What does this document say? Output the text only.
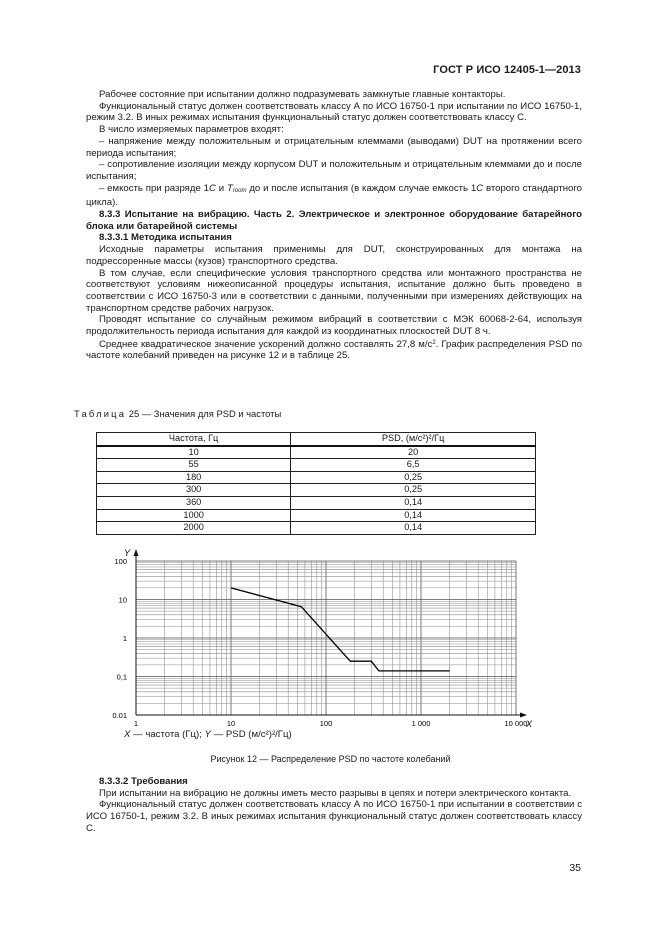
ГОСТ Р ИСО 12405-1—2013

Рабочее состояние при испытании должно подразумевать замкнутые главные контакторы.

Функциональный статус должен соответствовать классу А по ИСО 16750-1 при испытании по ИСО 16750-1, режим 3.2. В иных режимах испытания функциональный статус должен соответствовать классу С.

В число измеряемых параметров входят:

– напряжение между положительным и отрицательным клеммами (выводами) DUT на протяжении всего периода испытания;

– сопротивление изоляции между корпусом DUT и положительным и отрицательным клеммами до и после испытания;

– емкость при разряде 1C и Troom до и после испытания (в каждом случае емкость 1C второго стандартного цикла).

8.3.3 Испытание на вибрацию. Часть 2. Электрическое и электронное оборудование батарейного блока или батарейной системы

8.3.3.1 Методика испытания

Исходные параметры испытания применимы для DUT, сконструированных для монтажа на подрессоренные массы (кузов) транспортного средства.

В том случае, если специфические условия транспортного средства или монтажного пространства не соответствуют условиям нижеописанной процедуры испытания, испытание должно быть проведено в соответствии с ИСО 16750-3 или в соответствии с данными, полученными при измерениях действующих на транспортном средстве рабочих нагрузок.

Проводят испытание со случайным режимом вибраций в соответствии с МЭК 60068-2-64, используя продолжительность периода испытания для каждой из координатных плоскостей DUT 8 ч.

Среднее квадратическое значение ускорений должно составлять 27,8 $м/с^2$. График распределения PSD по частоте колебаний приведен на рисунке 12 и в таблице 25.

Таблица 25 — Значения для PSD и частоты
Частота, Гц	PSD, (м/с²)²/Гц
10	20
55	6,5
180	0,25
300	0,25
360	0,14
1000	0,14
2000	0,14
Y
X
100
10
1
0,1
0.01
1	10	100	1 000	10 000
X — частота (Гц); Y — PSD (м/с²)²/Гц)
Рисунок 12 — Распределение PSD по частоте колебаний

8.3.3.2 Требования

При испытании на вибрацию не должны иметь место разрывы в цепях и потери электрического контакта.

Функциональный статус должен соответствовать классу А по ИСО 16750-1 при испытании в соответствии с ИСО 16750-1, режим 3.2. В иных режимах испытания функциональный статус должен соответствовать классу С.

35
